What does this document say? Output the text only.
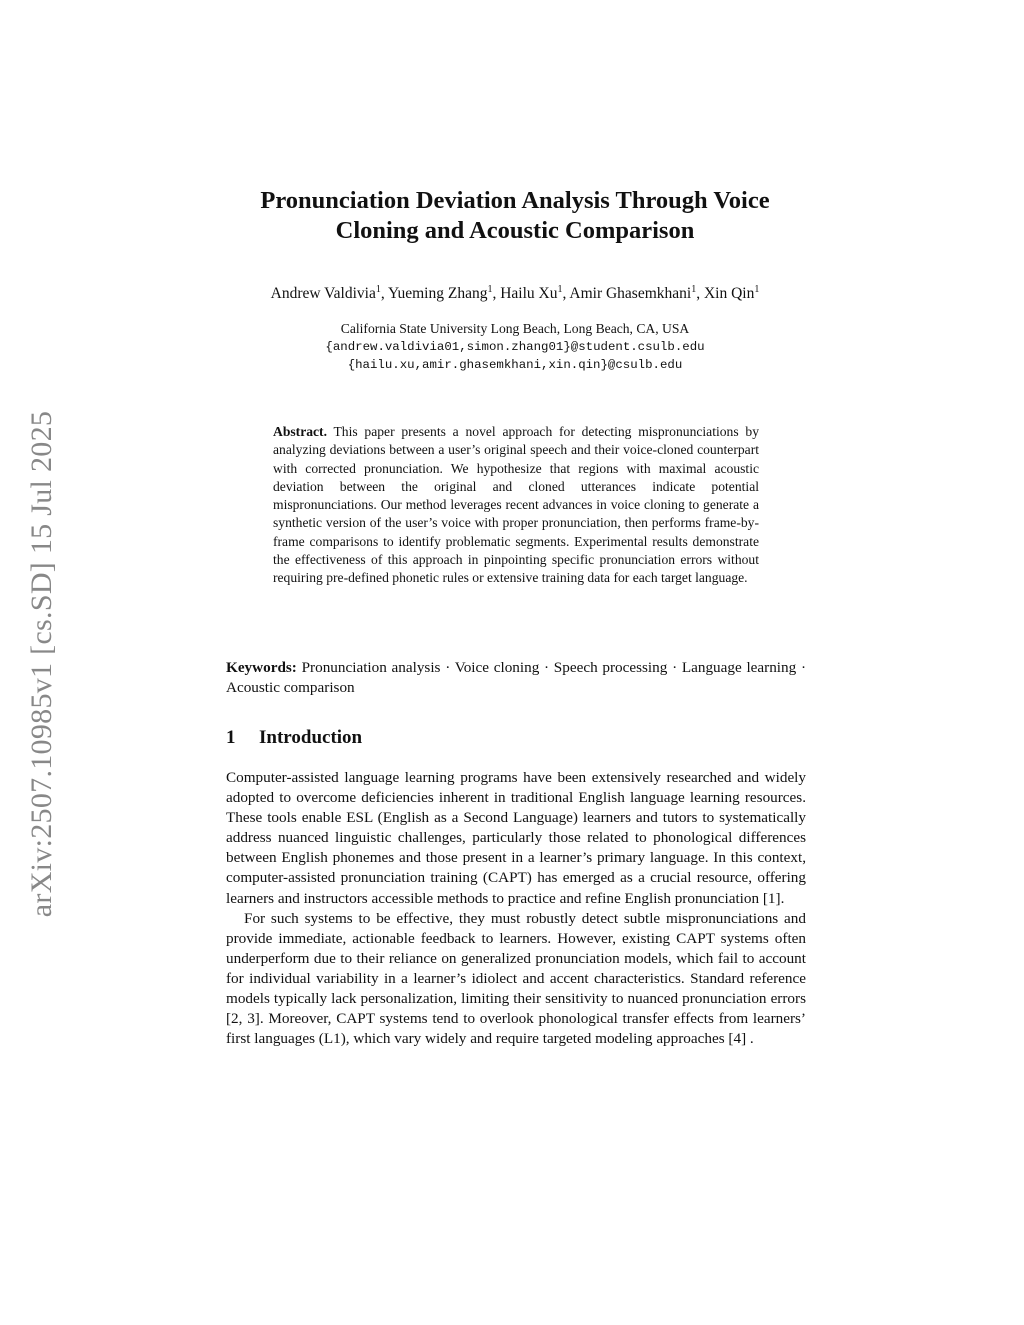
arXiv:2507.10985v1 [cs.SD] 15 Jul 2025
Pronunciation Deviation Analysis Through Voice
Cloning and Acoustic Comparison
Andrew Valdivia$^1$, Yueming Zhang$^1$, Hailu Xu$^1$, Amir Ghasemkhani$^1$, Xin Qin$^1$
California State University Long Beach, Long Beach, CA, USA
{andrew.valdivia01,simon.zhang01}@student.csulb.edu
{hailu.xu,amir.ghasemkhani,xin.qin}@csulb.edu
Abstract. This paper presents a novel approach for detecting mispronunciations by analyzing deviations between a user’s original speech and their voice-cloned counterpart with corrected pronunciation. We hypothesize that regions with maximal acoustic deviation between the original and cloned utterances indicate potential mispronunciations. Our method leverages recent advances in voice cloning to generate a synthetic version of the user’s voice with proper pronunciation, then performs frame-by-frame comparisons to identify problematic segments. Experimental results demonstrate the effectiveness of this approach in pinpointing specific pronunciation errors without requiring pre-defined phonetic rules or extensive training data for each target language.
Keywords: Pronunciation analysis · Voice cloning · Speech processing · Language learning · Acoustic comparison
1 Introduction

Computer-assisted language learning programs have been extensively researched and widely adopted to overcome deficiencies inherent in traditional English language learning resources. These tools enable ESL (English as a Second Language) learners and tutors to systematically address nuanced linguistic challenges, particularly those related to phonological differences between English phonemes and those present in a learner’s primary language. In this context, computer-assisted pronunciation training (CAPT) has emerged as a crucial resource, offering learners and instructors accessible methods to practice and refine English pronunciation [1].

For such systems to be effective, they must robustly detect subtle mispronunciations and provide immediate, actionable feedback to learners. However, existing CAPT systems often underperform due to their reliance on generalized pronunciation models, which fail to account for individual variability in a learner’s idiolect and accent characteristics. Standard reference models typically lack personalization, limiting their sensitivity to nuanced pronunciation errors [2, 3]. Moreover, CAPT systems tend to overlook phonological transfer effects from learners’ first languages (L1), which vary widely and require targeted modeling approaches [4] .
